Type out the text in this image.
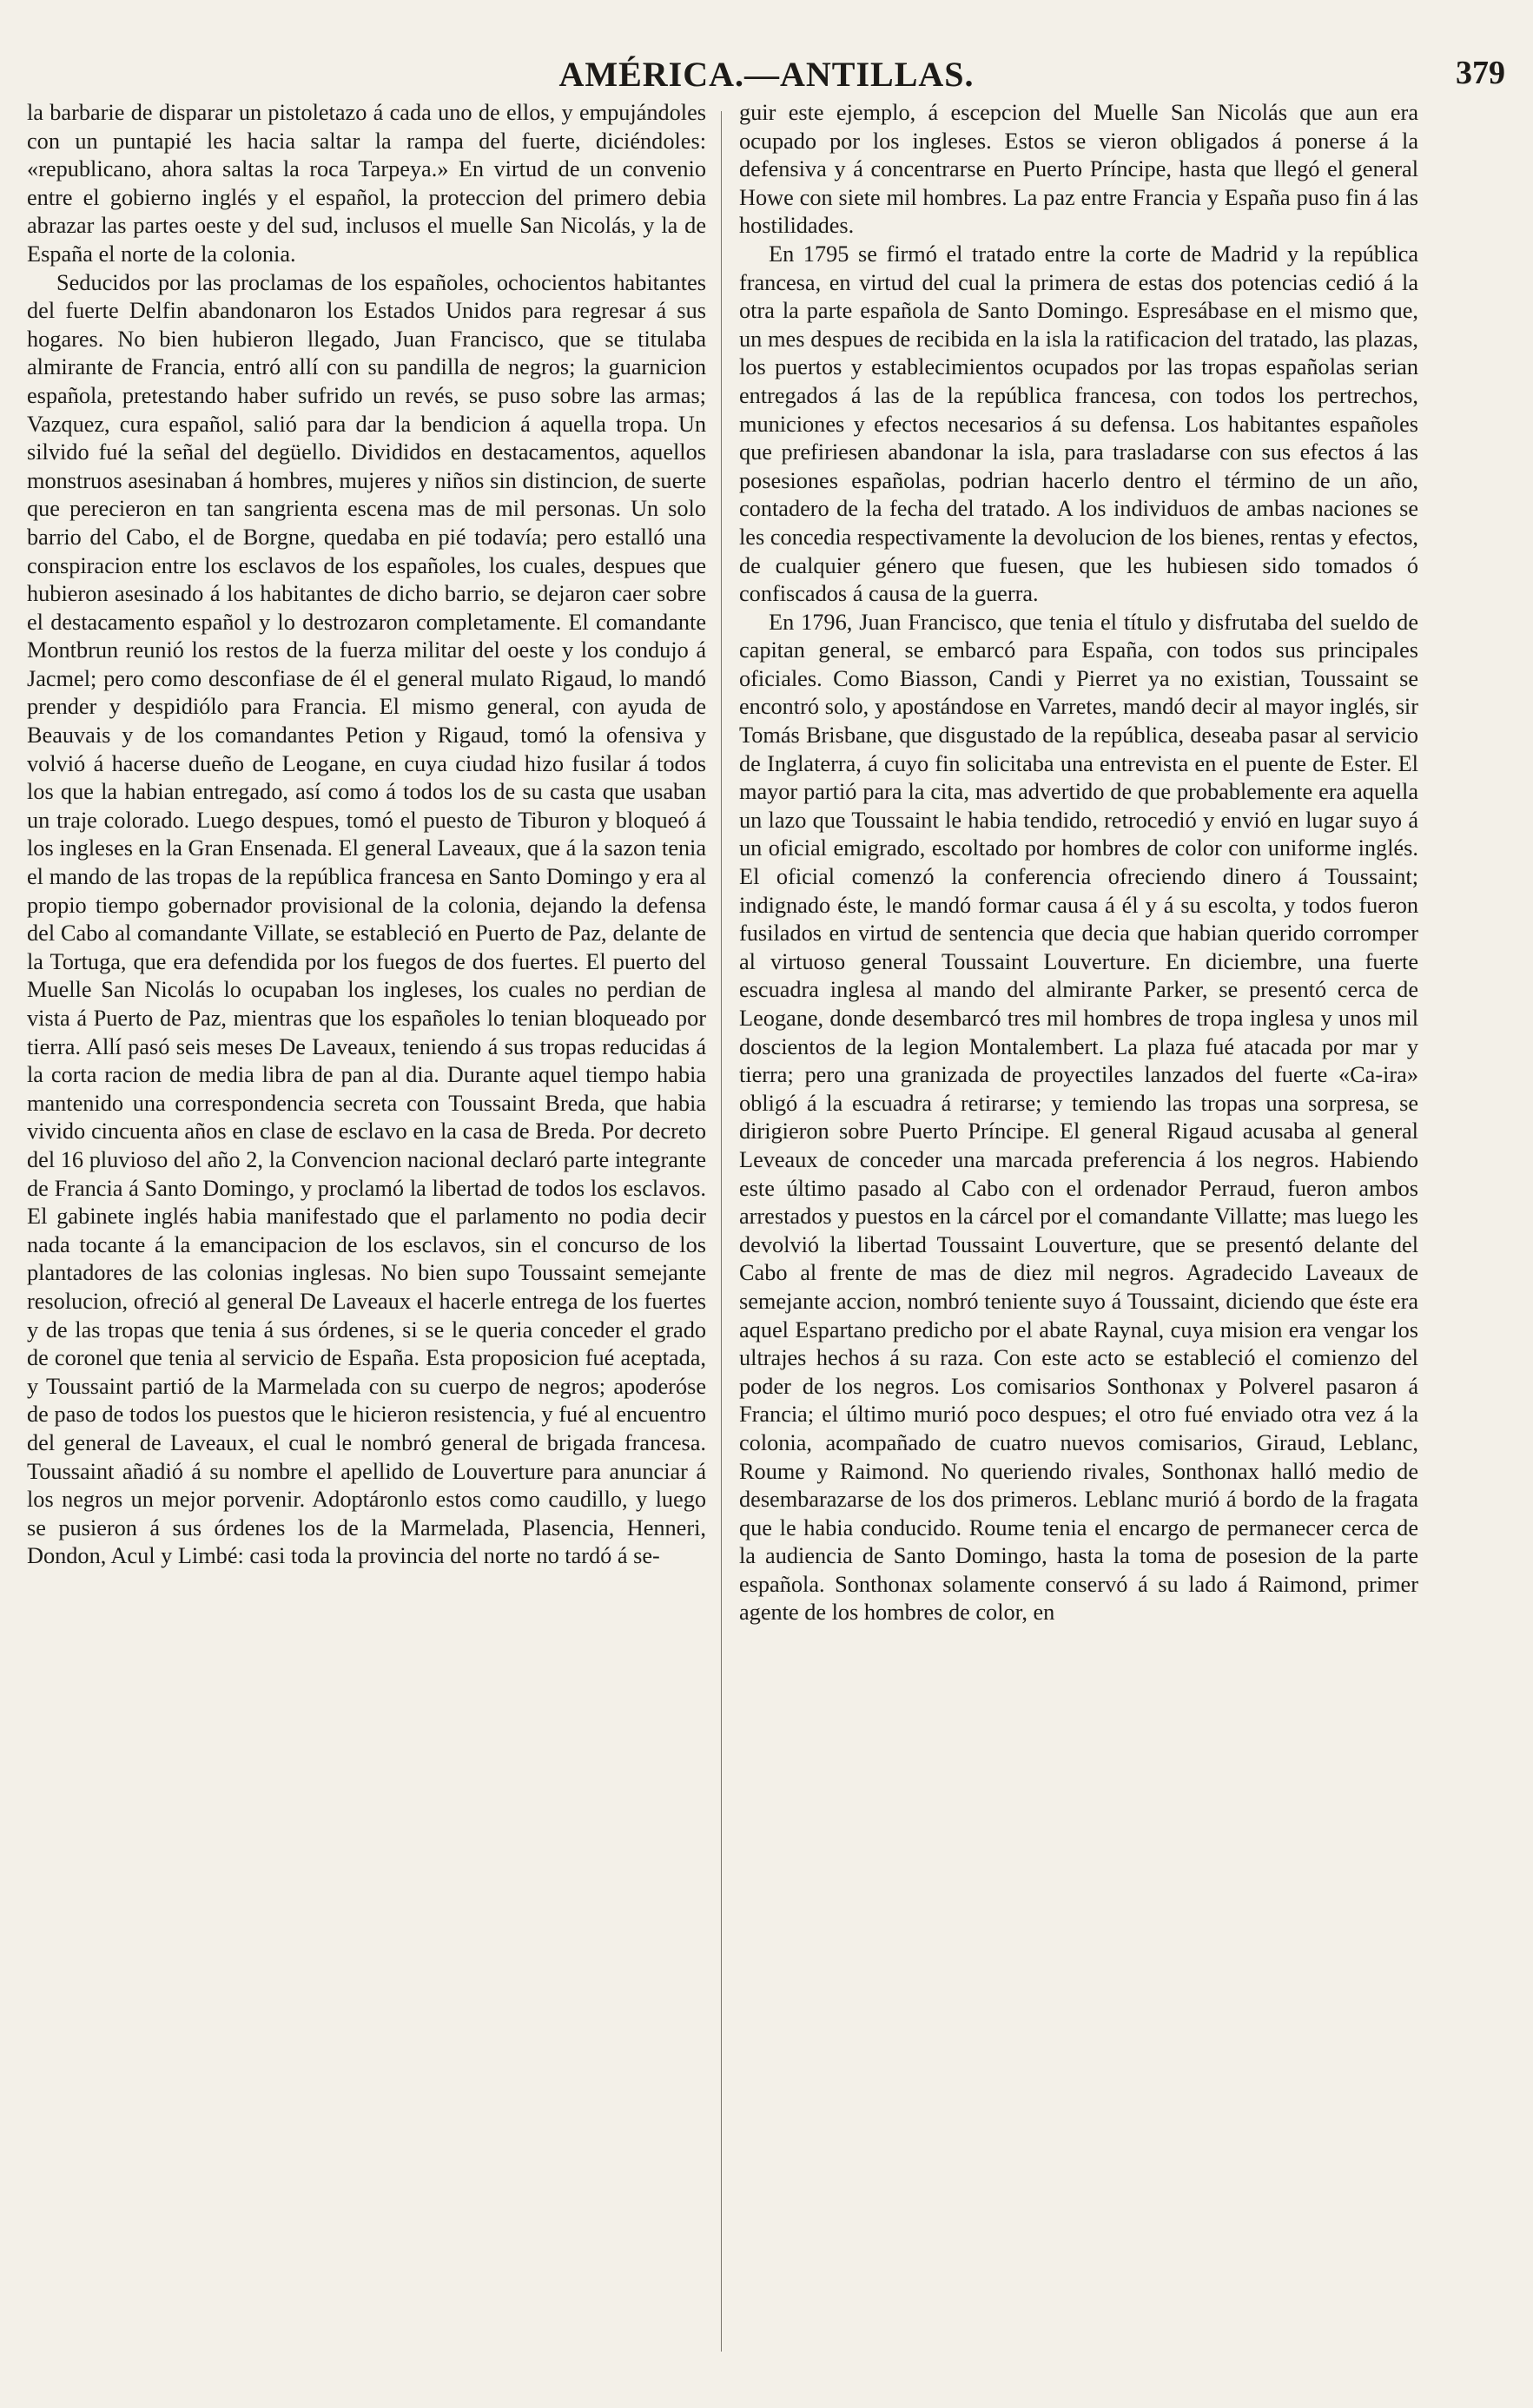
AMÉRICA.—ANTILLAS.	379

la barbarie de disparar un pistoletazo á cada uno de ellos, y empujándoles con un puntapié les hacia saltar la rampa del fuerte, diciéndoles: «republicano, ahora saltas la roca Tarpeya.» En virtud de un convenio entre el gobierno inglés y el español, la proteccion del primero debia abrazar las partes oeste y del sud, inclusos el muelle San Nicolás, y la de España el norte de la colonia.

Seducidos por las proclamas de los españoles, ochocientos habitantes del fuerte Delfin abandonaron los Estados Unidos para regresar á sus hogares. No bien hubieron llegado, Juan Francisco, que se titulaba almirante de Francia, entró allí con su pandilla de negros; la guarnicion española, pretestando haber sufrido un revés, se puso sobre las armas; Vazquez, cura español, salió para dar la bendicion á aquella tropa. Un silvido fué la señal del degüello. Divididos en destacamentos, aquellos monstruos asesinaban á hombres, mujeres y niños sin distincion, de suerte que perecieron en tan sangrienta escena mas de mil personas. Un solo barrio del Cabo, el de Borgne, quedaba en pié todavía; pero estalló una conspiracion entre los esclavos de los españoles, los cuales, despues que hubieron asesinado á los habitantes de dicho barrio, se dejaron caer sobre el destacamento español y lo destrozaron completamente. El comandante Montbrun reunió los restos de la fuerza militar del oeste y los condujo á Jacmel; pero como desconfiase de él el general mulato Rigaud, lo mandó prender y despidiólo para Francia. El mismo general, con ayuda de Beauvais y de los comandantes Petion y Rigaud, tomó la ofensiva y volvió á hacerse dueño de Leogane, en cuya ciudad hizo fusilar á todos los que la habian entregado, así como á todos los de su casta que usaban un traje colorado. Luego despues, tomó el puesto de Tiburon y bloqueó á los ingleses en la Gran Ensenada. El general Laveaux, que á la sazon tenia el mando de las tropas de la república francesa en Santo Domingo y era al propio tiempo gobernador provisional de la colonia, dejando la defensa del Cabo al comandante Villate, se estableció en Puerto de Paz, delante de la Tortuga, que era defendida por los fuegos de dos fuertes. El puerto del Muelle San Nicolás lo ocupaban los ingleses, los cuales no perdian de vista á Puerto de Paz, mientras que los españoles lo tenian bloqueado por tierra. Allí pasó seis meses De Laveaux, teniendo á sus tropas reducidas á la corta racion de media libra de pan al dia. Durante aquel tiempo habia mantenido una correspondencia secreta con Toussaint Breda, que habia vivido cincuenta años en clase de esclavo en la casa de Breda. Por decreto del 16 pluvioso del año 2, la Convencion nacional declaró parte integrante de Francia á Santo Domingo, y proclamó la libertad de todos los esclavos. El gabinete inglés habia manifestado que el parlamento no podia decir nada tocante á la emancipacion de los esclavos, sin el concurso de los plantadores de las colonias inglesas. No bien supo Toussaint semejante resolucion, ofreció al general De Laveaux el hacerle entrega de los fuertes y de las tropas que tenia á sus órdenes, si se le queria conceder el grado de coronel que tenia al servicio de España. Esta proposicion fué aceptada, y Toussaint partió de la Marmelada con su cuerpo de negros; apoderóse de paso de todos los puestos que le hicieron resistencia, y fué al encuentro del general de Laveaux, el cual le nombró general de brigada francesa. Toussaint añadió á su nombre el apellido de Louverture para anunciar á los negros un mejor porvenir. Adoptáronlo estos como caudillo, y luego se pusieron á sus órdenes los de la Marmelada, Plasencia, Henneri, Dondon, Acul y Limbé: casi toda la provincia del norte no tardó á se-

guir este ejemplo, á escepcion del Muelle San Nicolás que aun era ocupado por los ingleses. Estos se vieron obligados á ponerse á la defensiva y á concentrarse en Puerto Príncipe, hasta que llegó el general Howe con siete mil hombres. La paz entre Francia y España puso fin á las hostilidades.

En 1795 se firmó el tratado entre la corte de Madrid y la república francesa, en virtud del cual la primera de estas dos potencias cedió á la otra la parte española de Santo Domingo. Espresábase en el mismo que, un mes despues de recibida en la isla la ratificacion del tratado, las plazas, los puertos y establecimientos ocupados por las tropas españolas serian entregados á las de la república francesa, con todos los pertrechos, municiones y efectos necesarios á su defensa. Los habitantes españoles que prefiriesen abandonar la isla, para trasladarse con sus efectos á las posesiones españolas, podrian hacerlo dentro el término de un año, contadero de la fecha del tratado. A los individuos de ambas naciones se les concedia respectivamente la devolucion de los bienes, rentas y efectos, de cualquier género que fuesen, que les hubiesen sido tomados ó confiscados á causa de la guerra.

En 1796, Juan Francisco, que tenia el título y disfrutaba del sueldo de capitan general, se embarcó para España, con todos sus principales oficiales. Como Biasson, Candi y Pierret ya no existian, Toussaint se encontró solo, y apostándose en Varretes, mandó decir al mayor inglés, sir Tomás Brisbane, que disgustado de la república, deseaba pasar al servicio de Inglaterra, á cuyo fin solicitaba una entrevista en el puente de Ester. El mayor partió para la cita, mas advertido de que probablemente era aquella un lazo que Toussaint le habia tendido, retrocedió y envió en lugar suyo á un oficial emigrado, escoltado por hombres de color con uniforme inglés. El oficial comenzó la conferencia ofreciendo dinero á Toussaint; indignado éste, le mandó formar causa á él y á su escolta, y todos fueron fusilados en virtud de sentencia que decia que habian querido corromper al virtuoso general Toussaint Louverture. En diciembre, una fuerte escuadra inglesa al mando del almirante Parker, se presentó cerca de Leogane, donde desembarcó tres mil hombres de tropa inglesa y unos mil doscientos de la legion Montalembert. La plaza fué atacada por mar y tierra; pero una granizada de proyectiles lanzados del fuerte «Ca-ira» obligó á la escuadra á retirarse; y temiendo las tropas una sorpresa, se dirigieron sobre Puerto Príncipe. El general Rigaud acusaba al general Leveaux de conceder una marcada preferencia á los negros. Habiendo este último pasado al Cabo con el ordenador Perraud, fueron ambos arrestados y puestos en la cárcel por el comandante Villatte; mas luego les devolvió la libertad Toussaint Louverture, que se presentó delante del Cabo al frente de mas de diez mil negros. Agradecido Laveaux de semejante accion, nombró teniente suyo á Toussaint, diciendo que éste era aquel Espartano predicho por el abate Raynal, cuya mision era vengar los ultrajes hechos á su raza. Con este acto se estableció el comienzo del poder de los negros. Los comisarios Sonthonax y Polverel pasaron á Francia; el último murió poco despues; el otro fué enviado otra vez á la colonia, acompañado de cuatro nuevos comisarios, Giraud, Leblanc, Roume y Raimond. No queriendo rivales, Sonthonax halló medio de desembarazarse de los dos primeros. Leblanc murió á bordo de la fragata que le habia conducido. Roume tenia el encargo de permanecer cerca de la audiencia de Santo Domingo, hasta la toma de posesion de la parte española. Sonthonax solamente conservó á su lado á Raimond, primer agente de los hombres de color, en
